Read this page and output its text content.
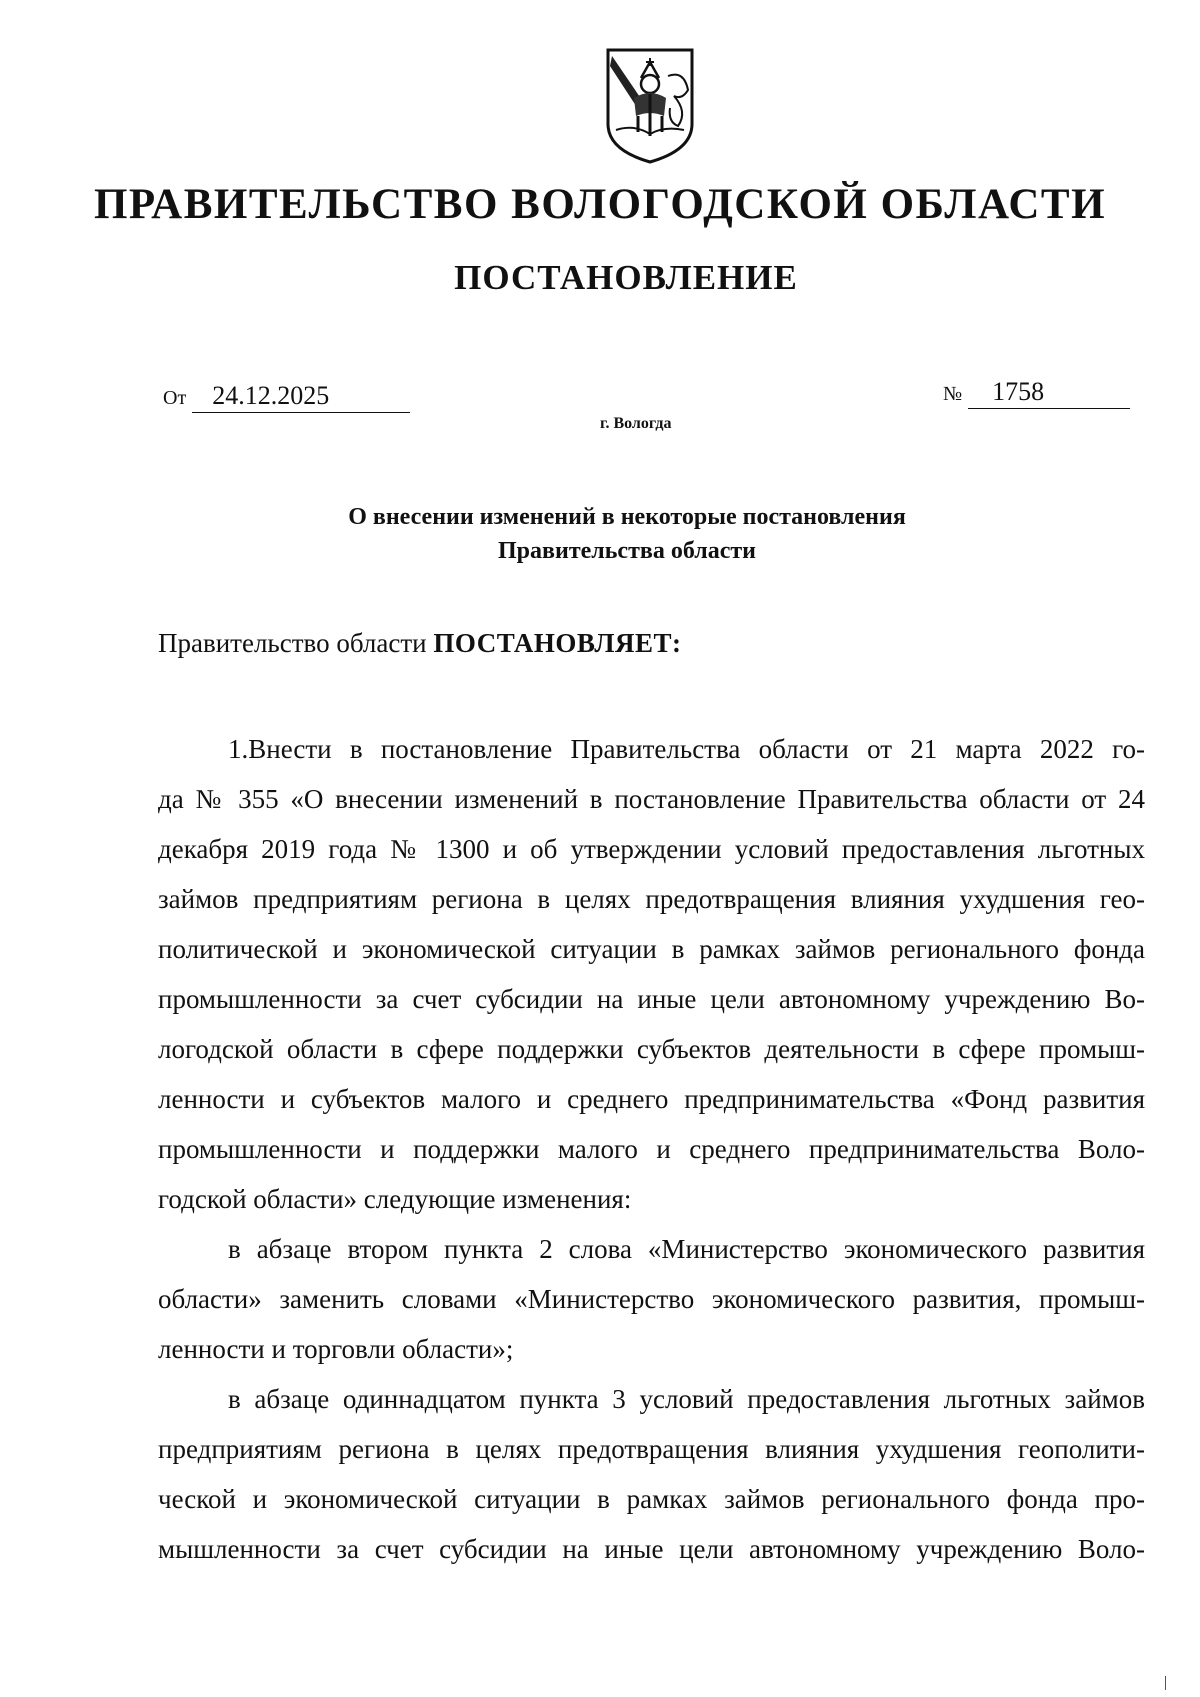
ПРАВИТЕЛЬСТВО ВОЛОГОДСКОЙ ОБЛАСТИ
ПОСТАНОВЛЕНИЕ
От 24.12.2025	№ 1758
г. Вологда
О внесении изменений в некоторые постановления
Правительства области
Правительство области ПОСТАНОВЛЯЕТ:
1.Внести в постановление Правительства области от 21 марта 2022 го-
да № 355 «О внесении изменений в постановление Правительства области от 24
декабря 2019 года № 1300 и об утверждении условий предоставления льготных
займов предприятиям региона в целях предотвращения влияния ухудшения гео-
политической и экономической ситуации в рамках займов регионального фонда
промышленности за счет субсидии на иные цели автономному учреждению Во-
логодской области в сфере поддержки субъектов деятельности в сфере промыш-
ленности и субъектов малого и среднего предпринимательства «Фонд развития
промышленности и поддержки малого и среднего предпринимательства Воло-
годской области» следующие изменения:
в абзаце втором пункта 2 слова «Министерство экономического развития
области» заменить словами «Министерство экономического развития, промыш-
ленности и торговли области»;
в абзаце одиннадцатом пункта 3 условий предоставления льготных займов
предприятиям региона в целях предотвращения влияния ухудшения геополити-
ческой и экономической ситуации в рамках займов регионального фонда про-
мышленности за счет субсидии на иные цели автономному учреждению Воло-
